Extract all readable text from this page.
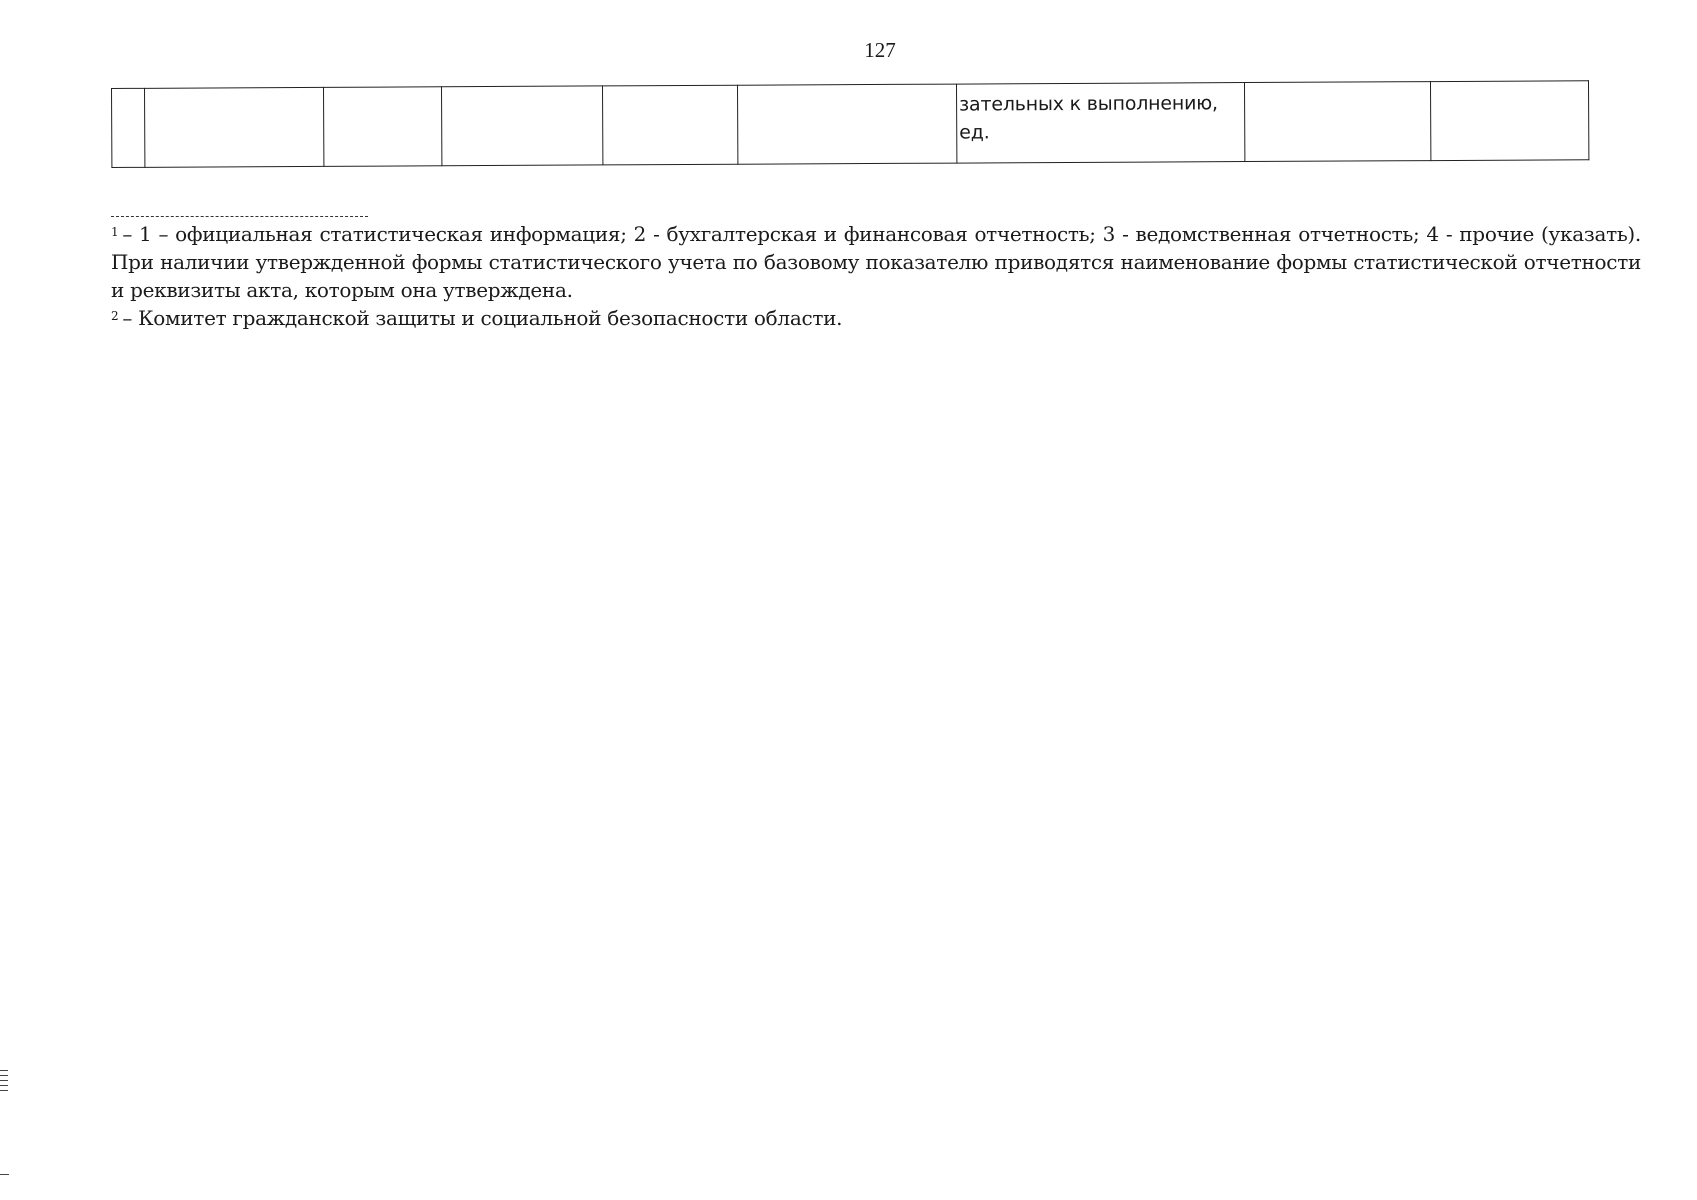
127
						зательных к выполнению, ед.		

$^1$ – 1 – официальная статистическая информация; 2 - бухгалтерская и финансовая отчетность; 3 - ведомственная отчетность; 4 - прочие (указать). При наличии утвержденной формы статистического учета по базовому показателю приводятся наименование формы статистической отчетности и реквизиты акта, которым она утверждена.

$^2$ – Комитет гражданской защиты и социальной безопасности области.
